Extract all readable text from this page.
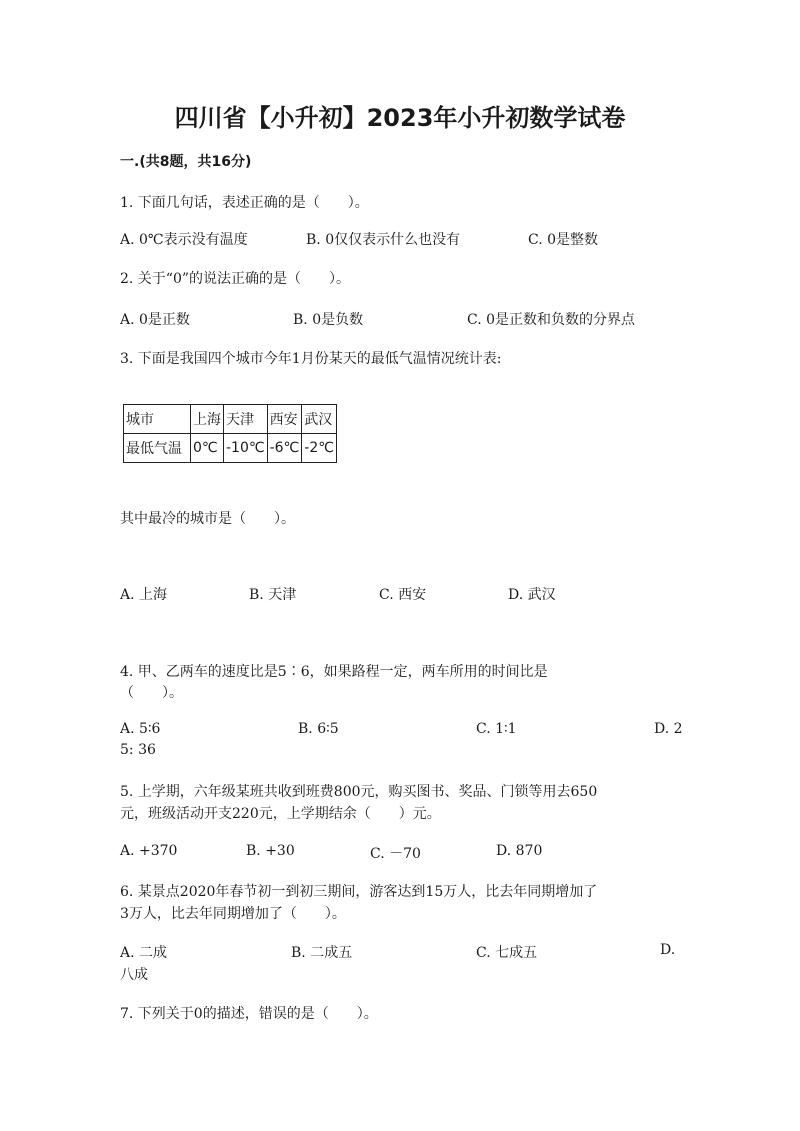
四川省【小升初】2023年小升初数学试卷
一.(共8题，共16分)
1. 下面几句话，表述正确的是（　　）。
A. 0℃表示没有温度	B. 0仅仅表示什么也没有	C. 0是整数
2. 关于“0”的说法正确的是（　　）。
A. 0是正数	B. 0是负数	C. 0是正数和负数的分界点
3. 下面是我国四个城市今年1月份某天的最低气温情况统计表:
城市	上海	天津	西安	武汉
最低气温	0℃	-10℃	-6℃	-2℃
其中最冷的城市是（　　）。
A. 上海	B. 天津	C. 西安	D. 武汉
4. 甲、乙两车的速度比是5∶6，如果路程一定，两车所用的时间比是
（　　）。
A. 5∶6	B. 6∶5	C. 1∶1	D. 2
5: 36
5. 上学期，六年级某班共收到班费800元，购买图书、奖品、门锁等用去650
元，班级活动开支220元，上学期结余（　　）元。
A. +370	B. +30	C. －70	D. 870
6. 某景点2020年春节初一到初三期间，游客达到15万人，比去年同期增加了
3万人，比去年同期增加了（　　）。
A. 二成	B. 二成五	C. 七成五	D.
八成
7. 下列关于0的描述，错误的是（　　）。
